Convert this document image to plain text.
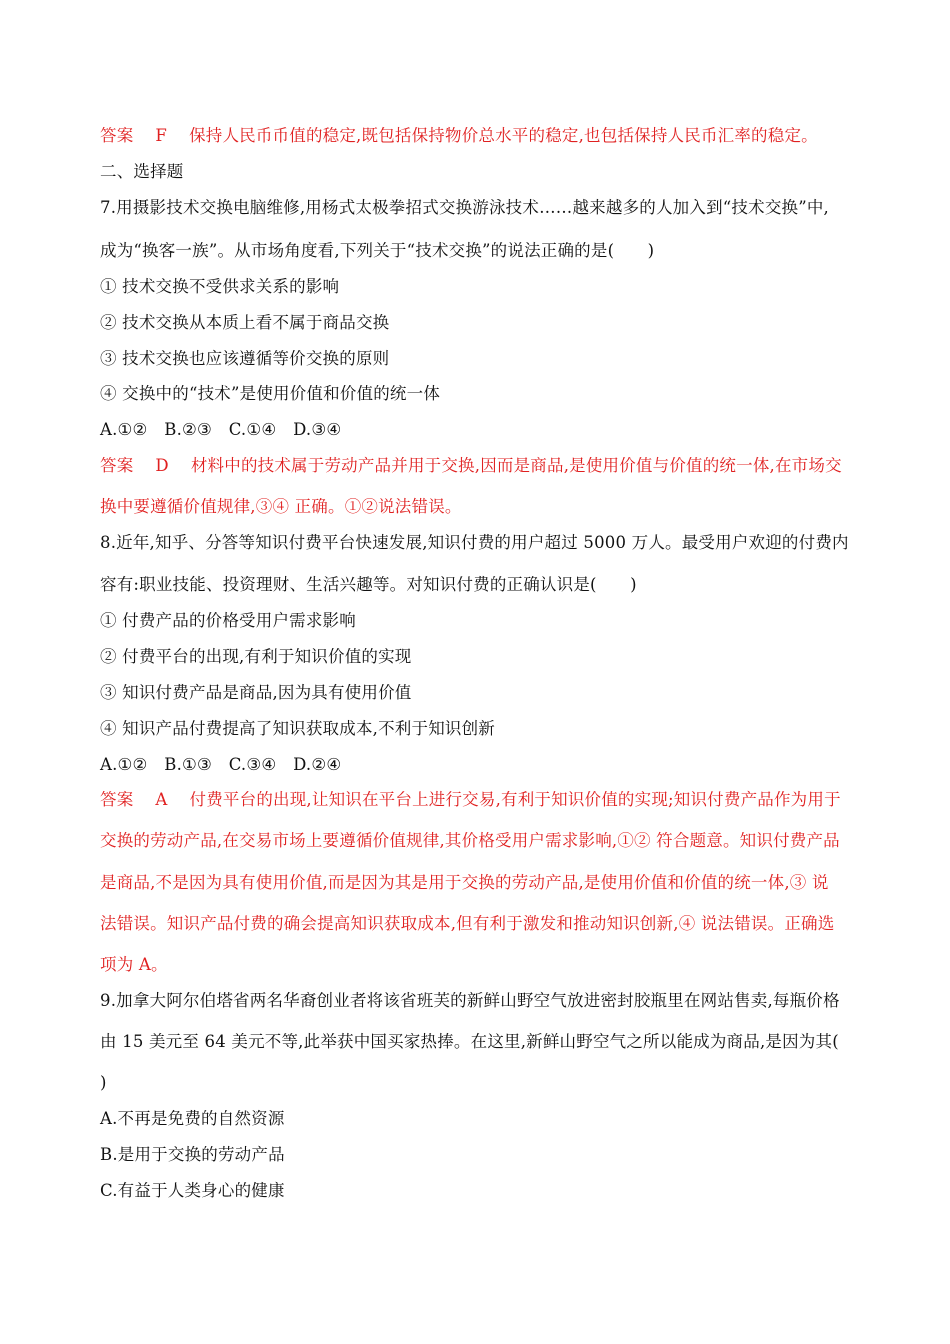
答案 F 保持人民币币值的稳定,既包括保持物价总水平的稳定,也包括保持人民币汇率的稳定。
二、选择题
7.用摄影技术交换电脑维修,用杨式太极拳招式交换游泳技术……越来越多的人加入到“技术交换”中,
成为“换客一族”。从市场角度看,下列关于“技术交换”的说法正确的是(　　)
① 技术交换不受供求关系的影响
② 技术交换从本质上看不属于商品交换
③ 技术交换也应该遵循等价交换的原则
④ 交换中的“技术”是使用价值和价值的统一体
A.①②　B.②③　C.①④　D.③④
答案 D 材料中的技术属于劳动产品并用于交换,因而是商品,是使用价值与价值的统一体,在市场交
换中要遵循价值规律,③④ 正确。①②说法错误。
8.近年,知乎、分答等知识付费平台快速发展,知识付费的用户超过 5000 万人。最受用户欢迎的付费内
容有:职业技能、投资理财、生活兴趣等。对知识付费的正确认识是(　　)
① 付费产品的价格受用户需求影响
② 付费平台的出现,有利于知识价值的实现
③ 知识付费产品是商品,因为具有使用价值
④ 知识产品付费提高了知识获取成本,不利于知识创新
A.①②　B.①③　C.③④　D.②④
答案 A 付费平台的出现,让知识在平台上进行交易,有利于知识价值的实现;知识付费产品作为用于
交换的劳动产品,在交易市场上要遵循价值规律,其价格受用户需求影响,①② 符合题意。知识付费产品
是商品,不是因为具有使用价值,而是因为其是用于交换的劳动产品,是使用价值和价值的统一体,③ 说
法错误。知识产品付费的确会提高知识获取成本,但有利于激发和推动知识创新,④ 说法错误。正确选
项为 A。
9.加拿大阿尔伯塔省两名华裔创业者将该省班芙的新鲜山野空气放进密封胶瓶里在网站售卖,每瓶价格
由 15 美元至 64 美元不等,此举获中国买家热捧。在这里,新鲜山野空气之所以能成为商品,是因为其(
)
A.不再是免费的自然资源
B.是用于交换的劳动产品
C.有益于人类身心的健康
